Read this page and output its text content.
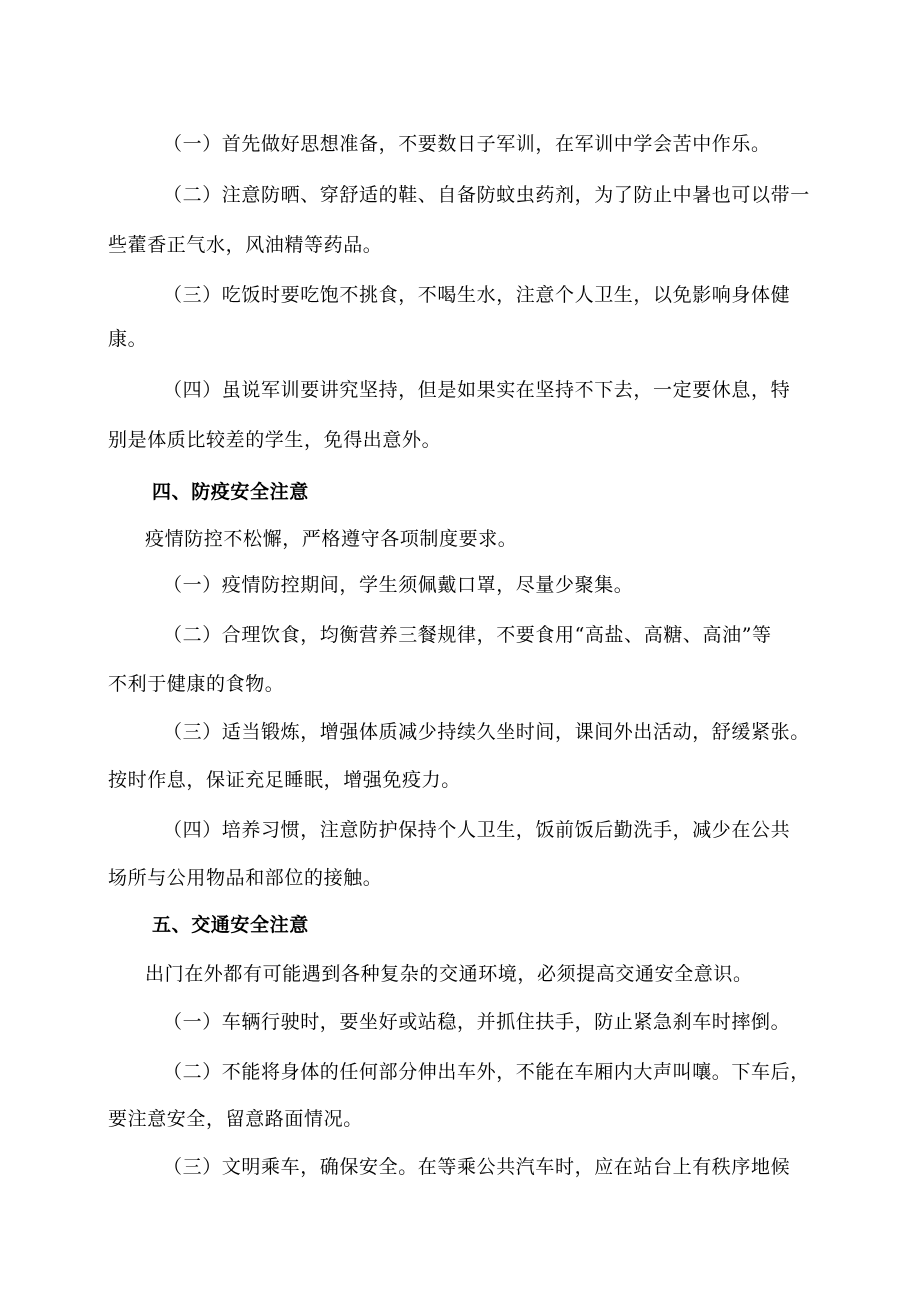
（一）首先做好思想准备，不要数日子军训，在军训中学会苦中作乐。
（二）注意防晒、穿舒适的鞋、自备防蚊虫药剂，为了防止中暑也可以带一
些藿香正气水，风油精等药品。
（三）吃饭时要吃饱不挑食，不喝生水，注意个人卫生，以免影响身体健
康。
（四）虽说军训要讲究坚持，但是如果实在坚持不下去，一定要休息，特
别是体质比较差的学生，免得出意外。
四、防疫安全注意
疫情防控不松懈，严格遵守各项制度要求。
（一）疫情防控期间，学生须佩戴口罩，尽量少聚集。
（二）合理饮食，均衡营养三餐规律，不要食用“高盐、高糖、高油”等
不利于健康的食物。
（三）适当锻炼，增强体质减少持续久坐时间，课间外出活动，舒缓紧张。
按时作息，保证充足睡眠，增强免疫力。
（四）培养习惯，注意防护保持个人卫生，饭前饭后勤洗手，减少在公共
场所与公用物品和部位的接触。
五、交通安全注意
出门在外都有可能遇到各种复杂的交通环境，必须提高交通安全意识。
（一）车辆行驶时，要坐好或站稳，并抓住扶手，防止紧急刹车时摔倒。
（二）不能将身体的任何部分伸出车外，不能在车厢内大声叫嚷。下车后，
要注意安全，留意路面情况。
（三）文明乘车，确保安全。在等乘公共汽车时，应在站台上有秩序地候
